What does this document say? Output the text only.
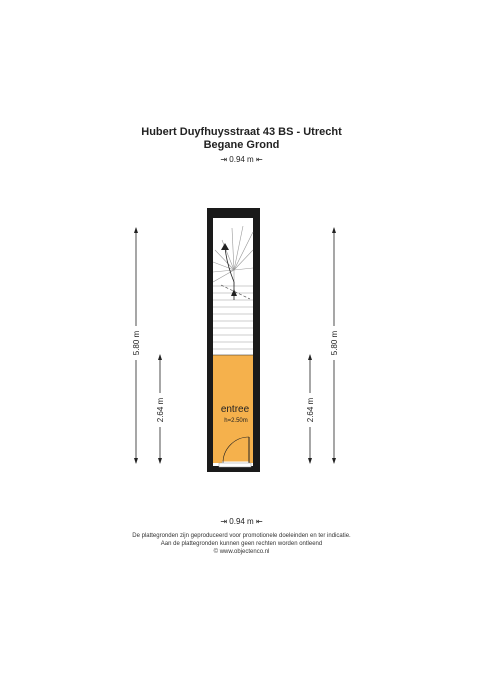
Hubert Duyfhuysstraat 43 BS - Utrecht
Begane Grond
⇥ 0.94 m ⇤
5.80 m
2.64 m	2.64 m
5.80 m
entree
h=2.50m
⇥ 0.94 m ⇤
De plattegronden zijn geproduceerd voor promotionele doeleinden en ter indicatie.
Aan de plattegronden kunnen geen rechten worden ontleend
© www.objectenco.nl
